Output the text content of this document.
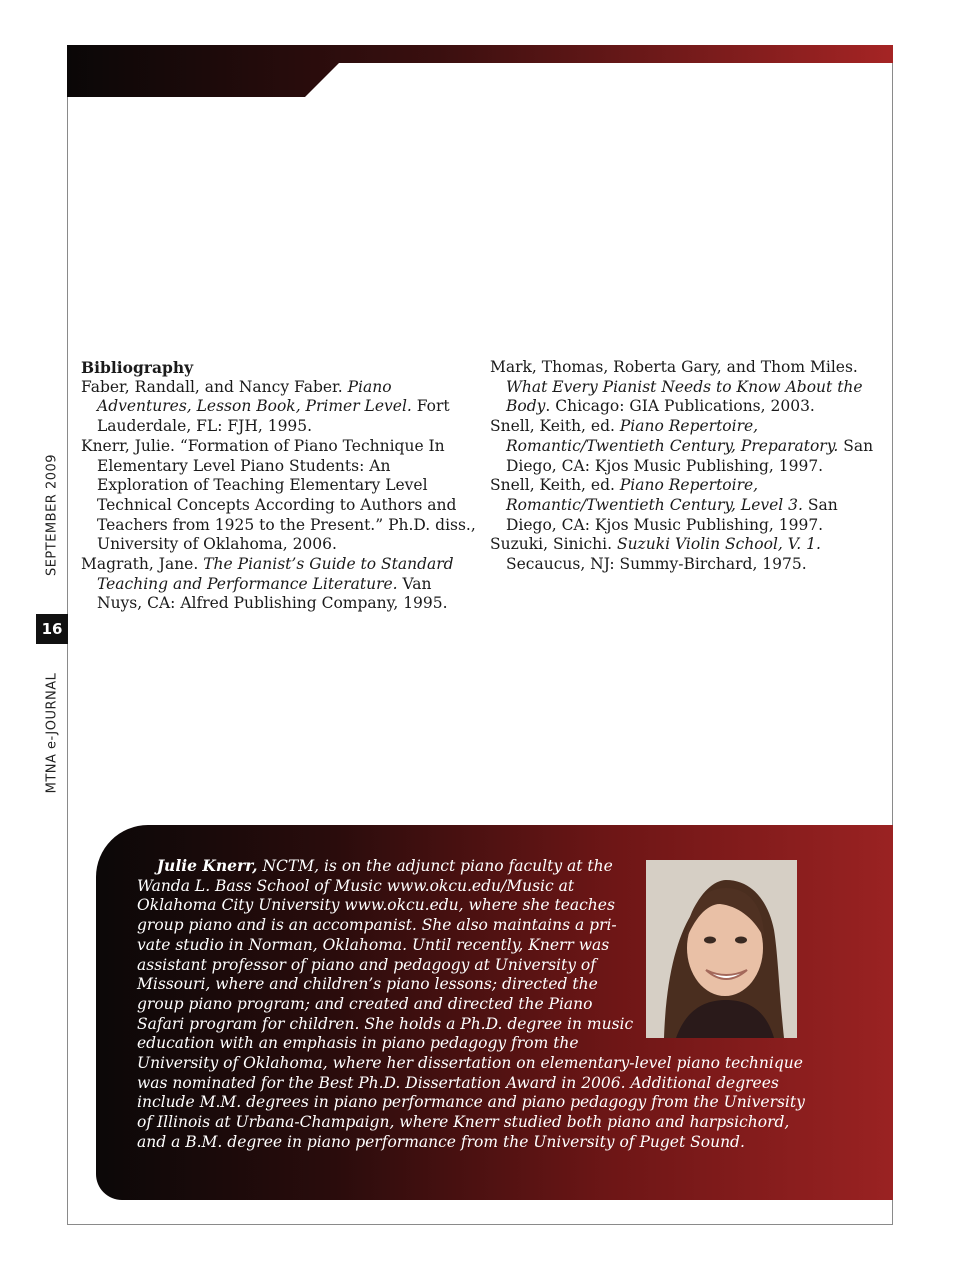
SEPTEMBER 2009
MTNA e-JOURNAL
16
Bibliography

Faber, Randall, and Nancy Faber. Piano Adventures, Lesson Book, Primer Level. Fort Lauderdale, FL: FJH, 1995.

Knerr, Julie. “Formation of Piano Technique In Elementary Level Piano Students: An Exploration of Teaching Elementary Level Technical Concepts According to Authors and Teachers from 1925 to the Present.” Ph.D. diss., University of Oklahoma, 2006.

Magrath, Jane. The Pianist’s Guide to Standard Teaching and Performance Literature. Van Nuys, CA: Alfred Publishing Company, 1995.

Mark, Thomas, Roberta Gary, and Thom Miles. What Every Pianist Needs to Know About the Body. Chicago: GIA Publications, 2003.

Snell, Keith, ed. Piano Repertoire, Romantic/Twentieth Century, Preparatory. San Diego, CA: Kjos Music Publishing, 1997.

Snell, Keith, ed. Piano Repertoire, Romantic/Twentieth Century, Level 3. San Diego, CA: Kjos Music Publishing, 1997.

Suzuki, Sinichi. Suzuki Violin School, V. 1. Secaucus, NJ: Summy-Birchard, 1975.

Julie Knerr, NCTM, is on the adjunct piano faculty at the
Wanda L. Bass School of Music www.okcu.edu/Music at
Oklahoma City University www.okcu.edu, where she teaches
group piano and is an accompanist. She also maintains a pri-
vate studio in Norman, Oklahoma. Until recently, Knerr was
assistant professor of piano and pedagogy at University of
Missouri, where and children’s piano lessons; directed the
group piano program; and created and directed the Piano
Safari program for children. She holds a Ph.D. degree in music
education with an emphasis in piano pedagogy from the
University of Oklahoma, where her dissertation on elementary-level piano technique
was nominated for the Best Ph.D. Dissertation Award in 2006. Additional degrees
include M.M. degrees in piano performance and piano pedagogy from the University
of Illinois at Urbana-Champaign, where Knerr studied both piano and harpsichord,
and a B.M. degree in piano performance from the University of Puget Sound.
